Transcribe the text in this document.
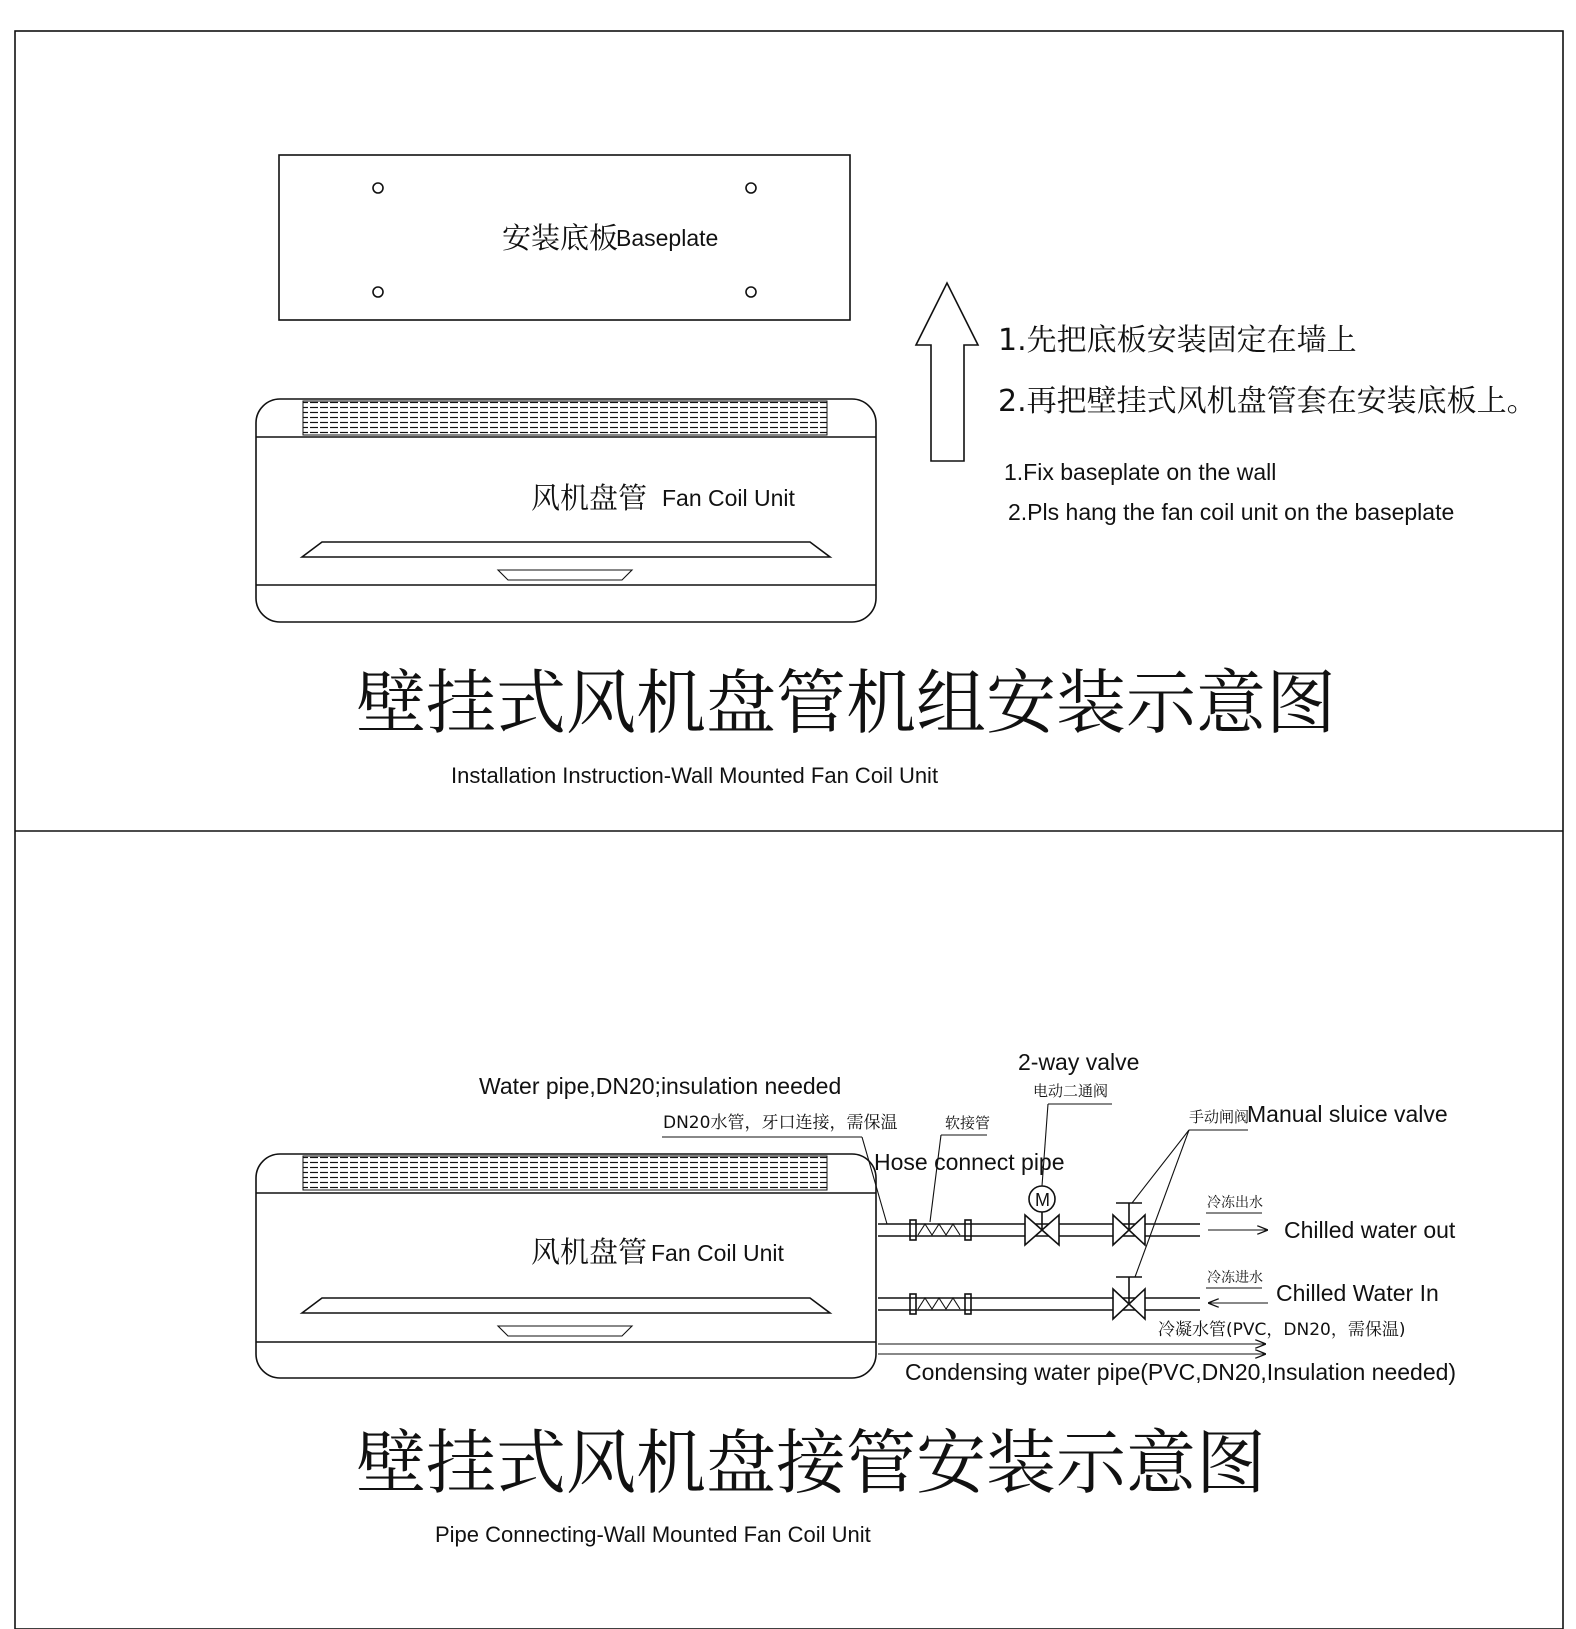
安装底板
Baseplate
风机盘管 Fan Coil Unit
1.先把底板安装固定在墙上
2.再把壁挂式风机盘管套在安装底板上。
1.Fix baseplate on the wall
2.Pls hang the fan coil unit on the baseplate
壁挂式风机盘管机组安装示意图
Installation Instruction-Wall Mounted Fan Coil Unit
风机盘管 Fan Coil Unit
M
Water pipe,DN20;insulation needed
DN20水管，牙口连接，需保温	软接管
Hose connect pipe
2-way valve
电动二通阀
手动闸阀
Manual sluice valve
冷冻出水
Chilled water out
冷冻进水
Chilled Water In
冷凝水管(PVC，DN20，需保温)
Condensing water pipe(PVC,DN20,Insulation needed)
壁挂式风机盘接管安装示意图
Pipe Connecting-Wall Mounted Fan Coil Unit
